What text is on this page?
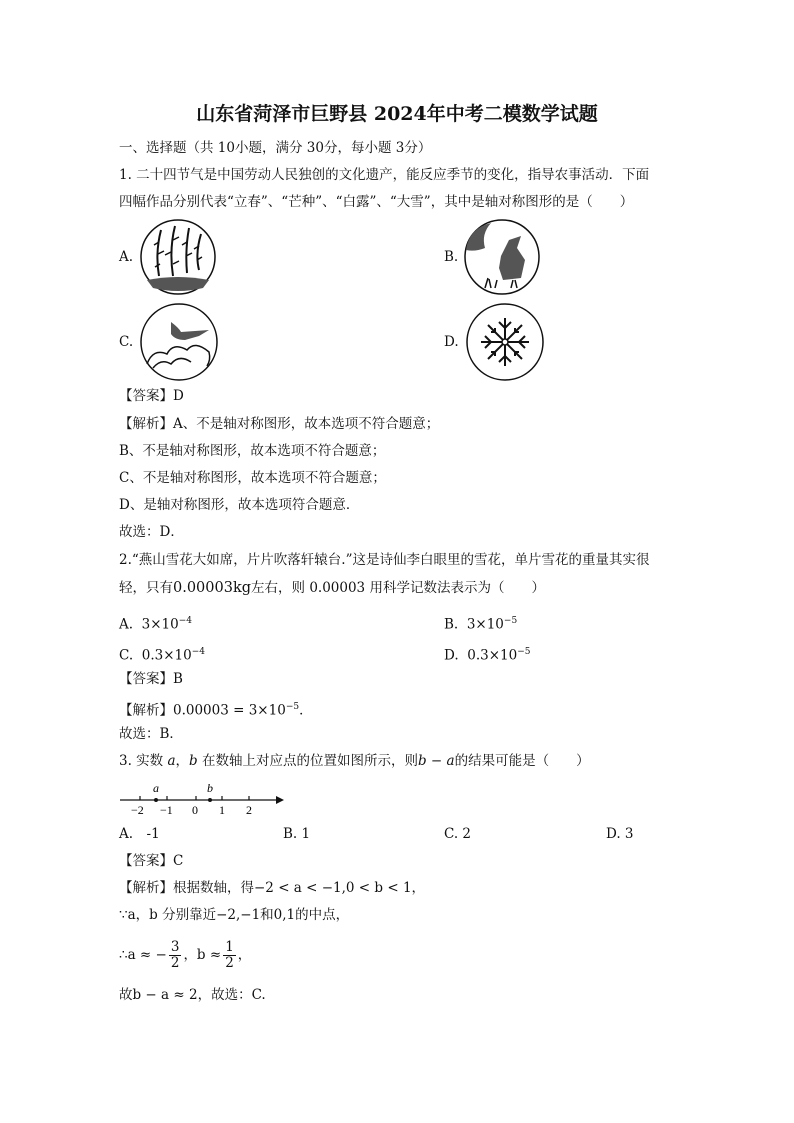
山东省菏泽市巨野县 2024年中考二模数学试题
一、选择题（共 10小题，满分 30分，每小题 3分）
1. 二十四节气是中国劳动人民独创的文化遗产，能反应季节的变化，指导农事活动．下面
四幅作品分别代表“立春”、“芒种”、“白露”、“大雪”，其中是轴对称图形的是（　　）
A.	B.
C.	D.
【答案】D
【解析】A、不是轴对称图形，故本选项不符合题意；
B、不是轴对称图形，故本选项不符合题意；
C、不是轴对称图形，故本选项不符合题意；
D、是轴对称图形，故本选项符合题意．
故选：D．
2.“燕山雪花大如席，片片吹落轩辕台.”这是诗仙李白眼里的雪花，单片雪花的重量其实很
轻，只有0.00003kg左右，则 0.00003 用科学记数法表示为（　　）
A. $3\times 10^{-4}$	B. $3\times 10^{-5}$
C. $0.3\times 10^{-4}$	D. $0.3\times 10^{-5}$
【答案】B
【解析】$0.00003 = 3\times 10^{-5}$．
故选：B．
3. 实数 a，b 在数轴上对应点的位置如图所示，则b − a的结果可能是（　　）
a	b
−2 −1 0 1 2
A.　-1	B. 1	C. 2	D. 3
【答案】C
【解析】根据数轴，得−2 < a < −1,0 < b < 1，
∵a，b 分别靠近−2,−1和0,1的中点，
∴a ≈ − $\frac{3}{2}$ ，$b \approx \frac{1}{2}$ ，
故b − a ≈ 2，故选：C.
